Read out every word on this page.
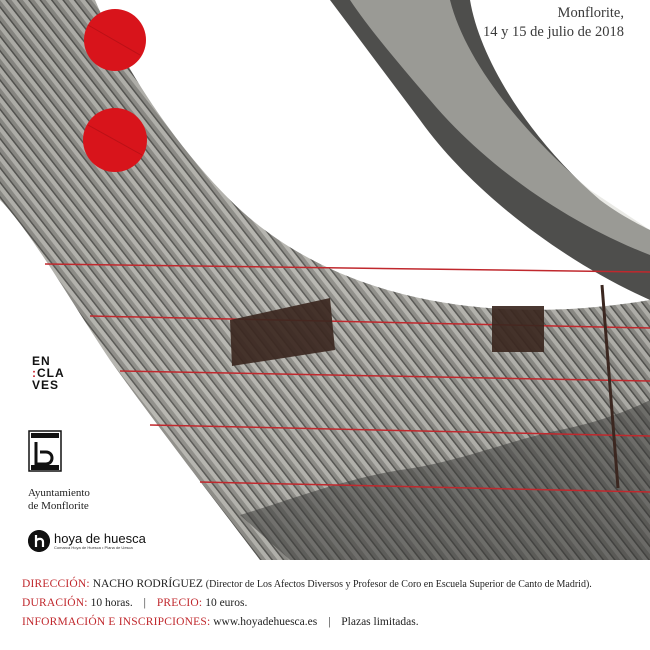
Monflorite,
14 y 15 de julio de 2018
EN
:CLA
VES
Ayuntamiento
de Monflorite
hoya de huesca
Comarca Hoya de Huesca • Plana de Uesca
DIRECCIÓN: NACHO RODRÍGUEZ (Director de Los Afectos Diversos y Profesor de Coro en Escuela Superior de Canto de Madrid).
DURACIÓN: 10 horas. | PRECIO: 10 euros.
INFORMACIÓN E INSCRIPCIONES: www.hoyadehuesca.es | Plazas limitadas.
